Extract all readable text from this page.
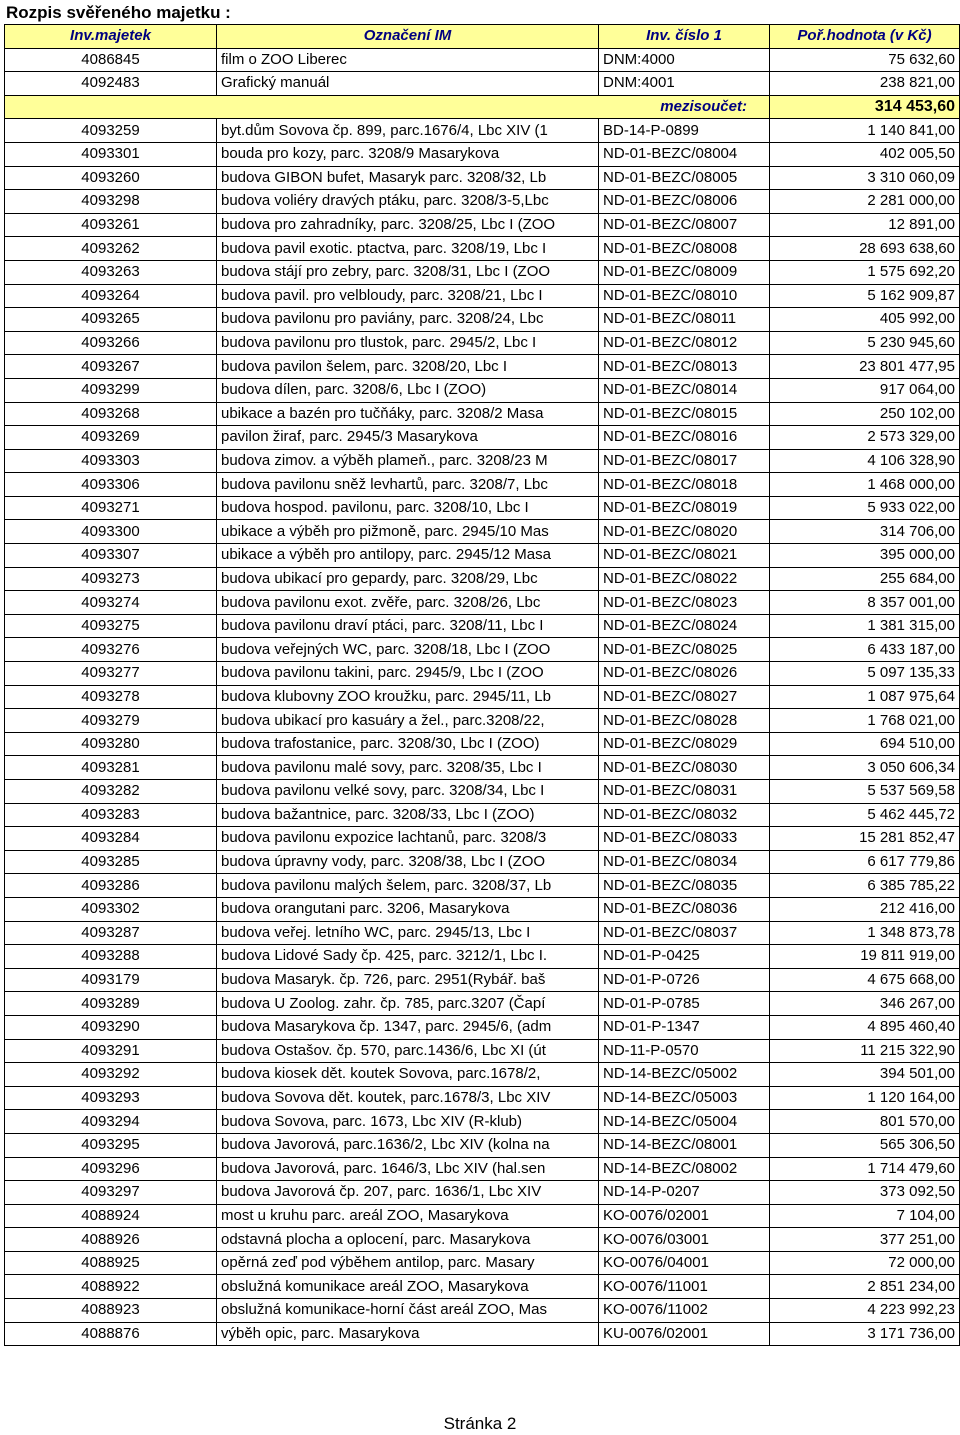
Rozpis svěřeného majetku :
Inv.majetek	Označení IM	Inv. číslo 1	Poř.hodnota (v Kč)
4086845	film o ZOO Liberec	DNM:4000	75 632,60
4092483	Grafický manuál	DNM:4001	238 821,00
		mezisoučet:	314 453,60
4093259	byt.dům Sovova čp. 899, parc.1676/4, Lbc XIV (1	BD-14-P-0899	1 140 841,00
4093301	bouda pro kozy, parc. 3208/9 Masarykova	ND-01-BEZC/08004	402 005,50
4093260	budova GIBON bufet, Masaryk parc. 3208/32, Lb	ND-01-BEZC/08005	3 310 060,09
4093298	budova voliéry dravých ptáku, parc. 3208/3-5,Lbc	ND-01-BEZC/08006	2 281 000,00
4093261	budova pro zahradníky, parc. 3208/25, Lbc I (ZOO	ND-01-BEZC/08007	12 891,00
4093262	budova pavil exotic. ptactva, parc. 3208/19, Lbc I	ND-01-BEZC/08008	28 693 638,60
4093263	budova stájí pro zebry, parc. 3208/31, Lbc I (ZOO	ND-01-BEZC/08009	1 575 692,20
4093264	budova pavil. pro velbloudy, parc. 3208/21, Lbc I	ND-01-BEZC/08010	5 162 909,87
4093265	budova pavilonu pro paviány, parc. 3208/24, Lbc	ND-01-BEZC/08011	405 992,00
4093266	budova pavilonu pro tlustok, parc. 2945/2, Lbc I	ND-01-BEZC/08012	5 230 945,60
4093267	budova pavilon šelem, parc. 3208/20, Lbc I	ND-01-BEZC/08013	23 801 477,95
4093299	budova dílen, parc. 3208/6, Lbc I (ZOO)	ND-01-BEZC/08014	917 064,00
4093268	ubikace a bazén pro tučňáky, parc. 3208/2 Masa	ND-01-BEZC/08015	250 102,00
4093269	pavilon žiraf, parc. 2945/3 Masarykova	ND-01-BEZC/08016	2 573 329,00
4093303	budova zimov. a výběh plameň., parc. 3208/23 M	ND-01-BEZC/08017	4 106 328,90
4093306	budova pavilonu sněž levhartů, parc. 3208/7, Lbc	ND-01-BEZC/08018	1 468 000,00
4093271	budova hospod. pavilonu, parc. 3208/10, Lbc I	ND-01-BEZC/08019	5 933 022,00
4093300	ubikace a výběh pro pižmoně, parc. 2945/10 Mas	ND-01-BEZC/08020	314 706,00
4093307	ubikace a výběh pro antilopy, parc. 2945/12 Masa	ND-01-BEZC/08021	395 000,00
4093273	budova ubikací pro gepardy, parc. 3208/29, Lbc	ND-01-BEZC/08022	255 684,00
4093274	budova pavilonu exot. zvěře, parc. 3208/26, Lbc	ND-01-BEZC/08023	8 357 001,00
4093275	budova pavilonu draví ptáci, parc. 3208/11, Lbc I	ND-01-BEZC/08024	1 381 315,00
4093276	budova veřejných WC, parc. 3208/18, Lbc I (ZOO	ND-01-BEZC/08025	6 433 187,00
4093277	budova pavilonu takini, parc. 2945/9, Lbc I (ZOO	ND-01-BEZC/08026	5 097 135,33
4093278	budova klubovny ZOO kroužku, parc. 2945/11, Lb	ND-01-BEZC/08027	1 087 975,64
4093279	budova ubikací pro kasuáry a žel., parc.3208/22,	ND-01-BEZC/08028	1 768 021,00
4093280	budova trafostanice, parc. 3208/30, Lbc I (ZOO)	ND-01-BEZC/08029	694 510,00
4093281	budova pavilonu malé sovy, parc. 3208/35, Lbc I	ND-01-BEZC/08030	3 050 606,34
4093282	budova pavilonu velké sovy, parc. 3208/34, Lbc I	ND-01-BEZC/08031	5 537 569,58
4093283	budova bažantnice, parc. 3208/33, Lbc I (ZOO)	ND-01-BEZC/08032	5 462 445,72
4093284	budova pavilonu expozice lachtanů, parc. 3208/3	ND-01-BEZC/08033	15 281 852,47
4093285	budova úpravny vody, parc. 3208/38, Lbc I (ZOO	ND-01-BEZC/08034	6 617 779,86
4093286	budova pavilonu malých šelem, parc. 3208/37, Lb	ND-01-BEZC/08035	6 385 785,22
4093302	budova orangutani parc. 3206, Masarykova	ND-01-BEZC/08036	212 416,00
4093287	budova veřej. letního WC, parc. 2945/13, Lbc I	ND-01-BEZC/08037	1 348 873,78
4093288	budova Lidové Sady čp. 425, parc. 3212/1, Lbc I.	ND-01-P-0425	19 811 919,00
4093179	budova Masaryk. čp. 726, parc. 2951(Rybář. baš	ND-01-P-0726	4 675 668,00
4093289	budova U Zoolog. zahr. čp. 785, parc.3207 (Čapí	ND-01-P-0785	346 267,00
4093290	budova Masarykova čp. 1347, parc. 2945/6, (adm	ND-01-P-1347	4 895 460,40
4093291	budova Ostašov. čp. 570, parc.1436/6, Lbc XI (út	ND-11-P-0570	11 215 322,90
4093292	budova kiosek dět. koutek Sovova, parc.1678/2,	ND-14-BEZC/05002	394 501,00
4093293	budova Sovova dět. koutek, parc.1678/3, Lbc XIV	ND-14-BEZC/05003	1 120 164,00
4093294	budova Sovova, parc. 1673, Lbc XIV (R-klub)	ND-14-BEZC/05004	801 570,00
4093295	budova Javorová, parc.1636/2, Lbc XIV (kolna na	ND-14-BEZC/08001	565 306,50
4093296	budova Javorová, parc. 1646/3, Lbc XIV (hal.sen	ND-14-BEZC/08002	1 714 479,60
4093297	budova Javorová čp. 207, parc. 1636/1, Lbc XIV	ND-14-P-0207	373 092,50
4088924	most u kruhu parc. areál ZOO, Masarykova	KO-0076/02001	7 104,00
4088926	odstavná plocha a oplocení, parc. Masarykova	KO-0076/03001	377 251,00
4088925	opěrná zeď pod výběhem antilop, parc. Masary	KO-0076/04001	72 000,00
4088922	obslužná komunikace areál ZOO, Masarykova	KO-0076/11001	2 851 234,00
4088923	obslužná komunikace-horní část areál ZOO, Mas	KO-0076/11002	4 223 992,23
4088876	výběh opic, parc. Masarykova	KU-0076/02001	3 171 736,00
Stránka 2
